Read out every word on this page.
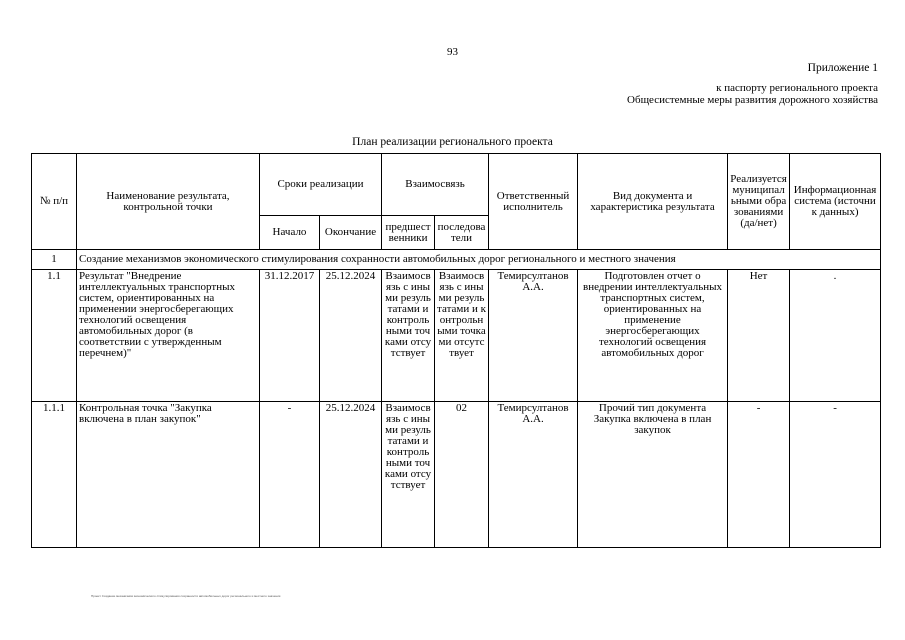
93
Приложение 1
к паспорту регионального проекта
Общесистемные меры развития дорожного хозяйства
План реализации регионального проекта
№ п/п	Наименование результата, контрольной точки	Сроки реализации		Взаимосвязь		Ответственный исполнитель	Вид документа и характеристика результата	Реализуется муниципальными образованиями (да/нет)	Информационная система (источник данных)
		Начало	Окончание	предшественники	последователи				
1	Создание механизмов экономического стимулирования сохранности автомобильных дорог регионального и местного значения								
1.1	Результат "Внедрение интеллектуальных транспортных систем, ориентированных на применении энергосберегающих технологий освещения автомобильных дорог (в соответствии с утвержденным перечнем)"	31.12.2017	25.12.2024	Взаимосвязь с иными результатами и контрольными точками отсутствует	Взаимосвязь с иными результатами и контрольными точками отсутствует	Темирсултанов А.А.	Подготовлен отчет о внедрении интеллектуальных транспортных систем, ориентированных на применение энергосберегающих технологий освещения автомобильных дорог	Нет	.
1.1.1	Контрольная точка "Закупка включена в план закупок"	-	25.12.2024	Взаимосвязь с иными результатами и контрольными точками отсутствует	02	Темирсултанов А.А.	Прочий тип документа Закупка включена в план закупок	-	-
Проект Создание механизмов экономического стимулирования сохранности автомобильных дорог регионального и местного значения
